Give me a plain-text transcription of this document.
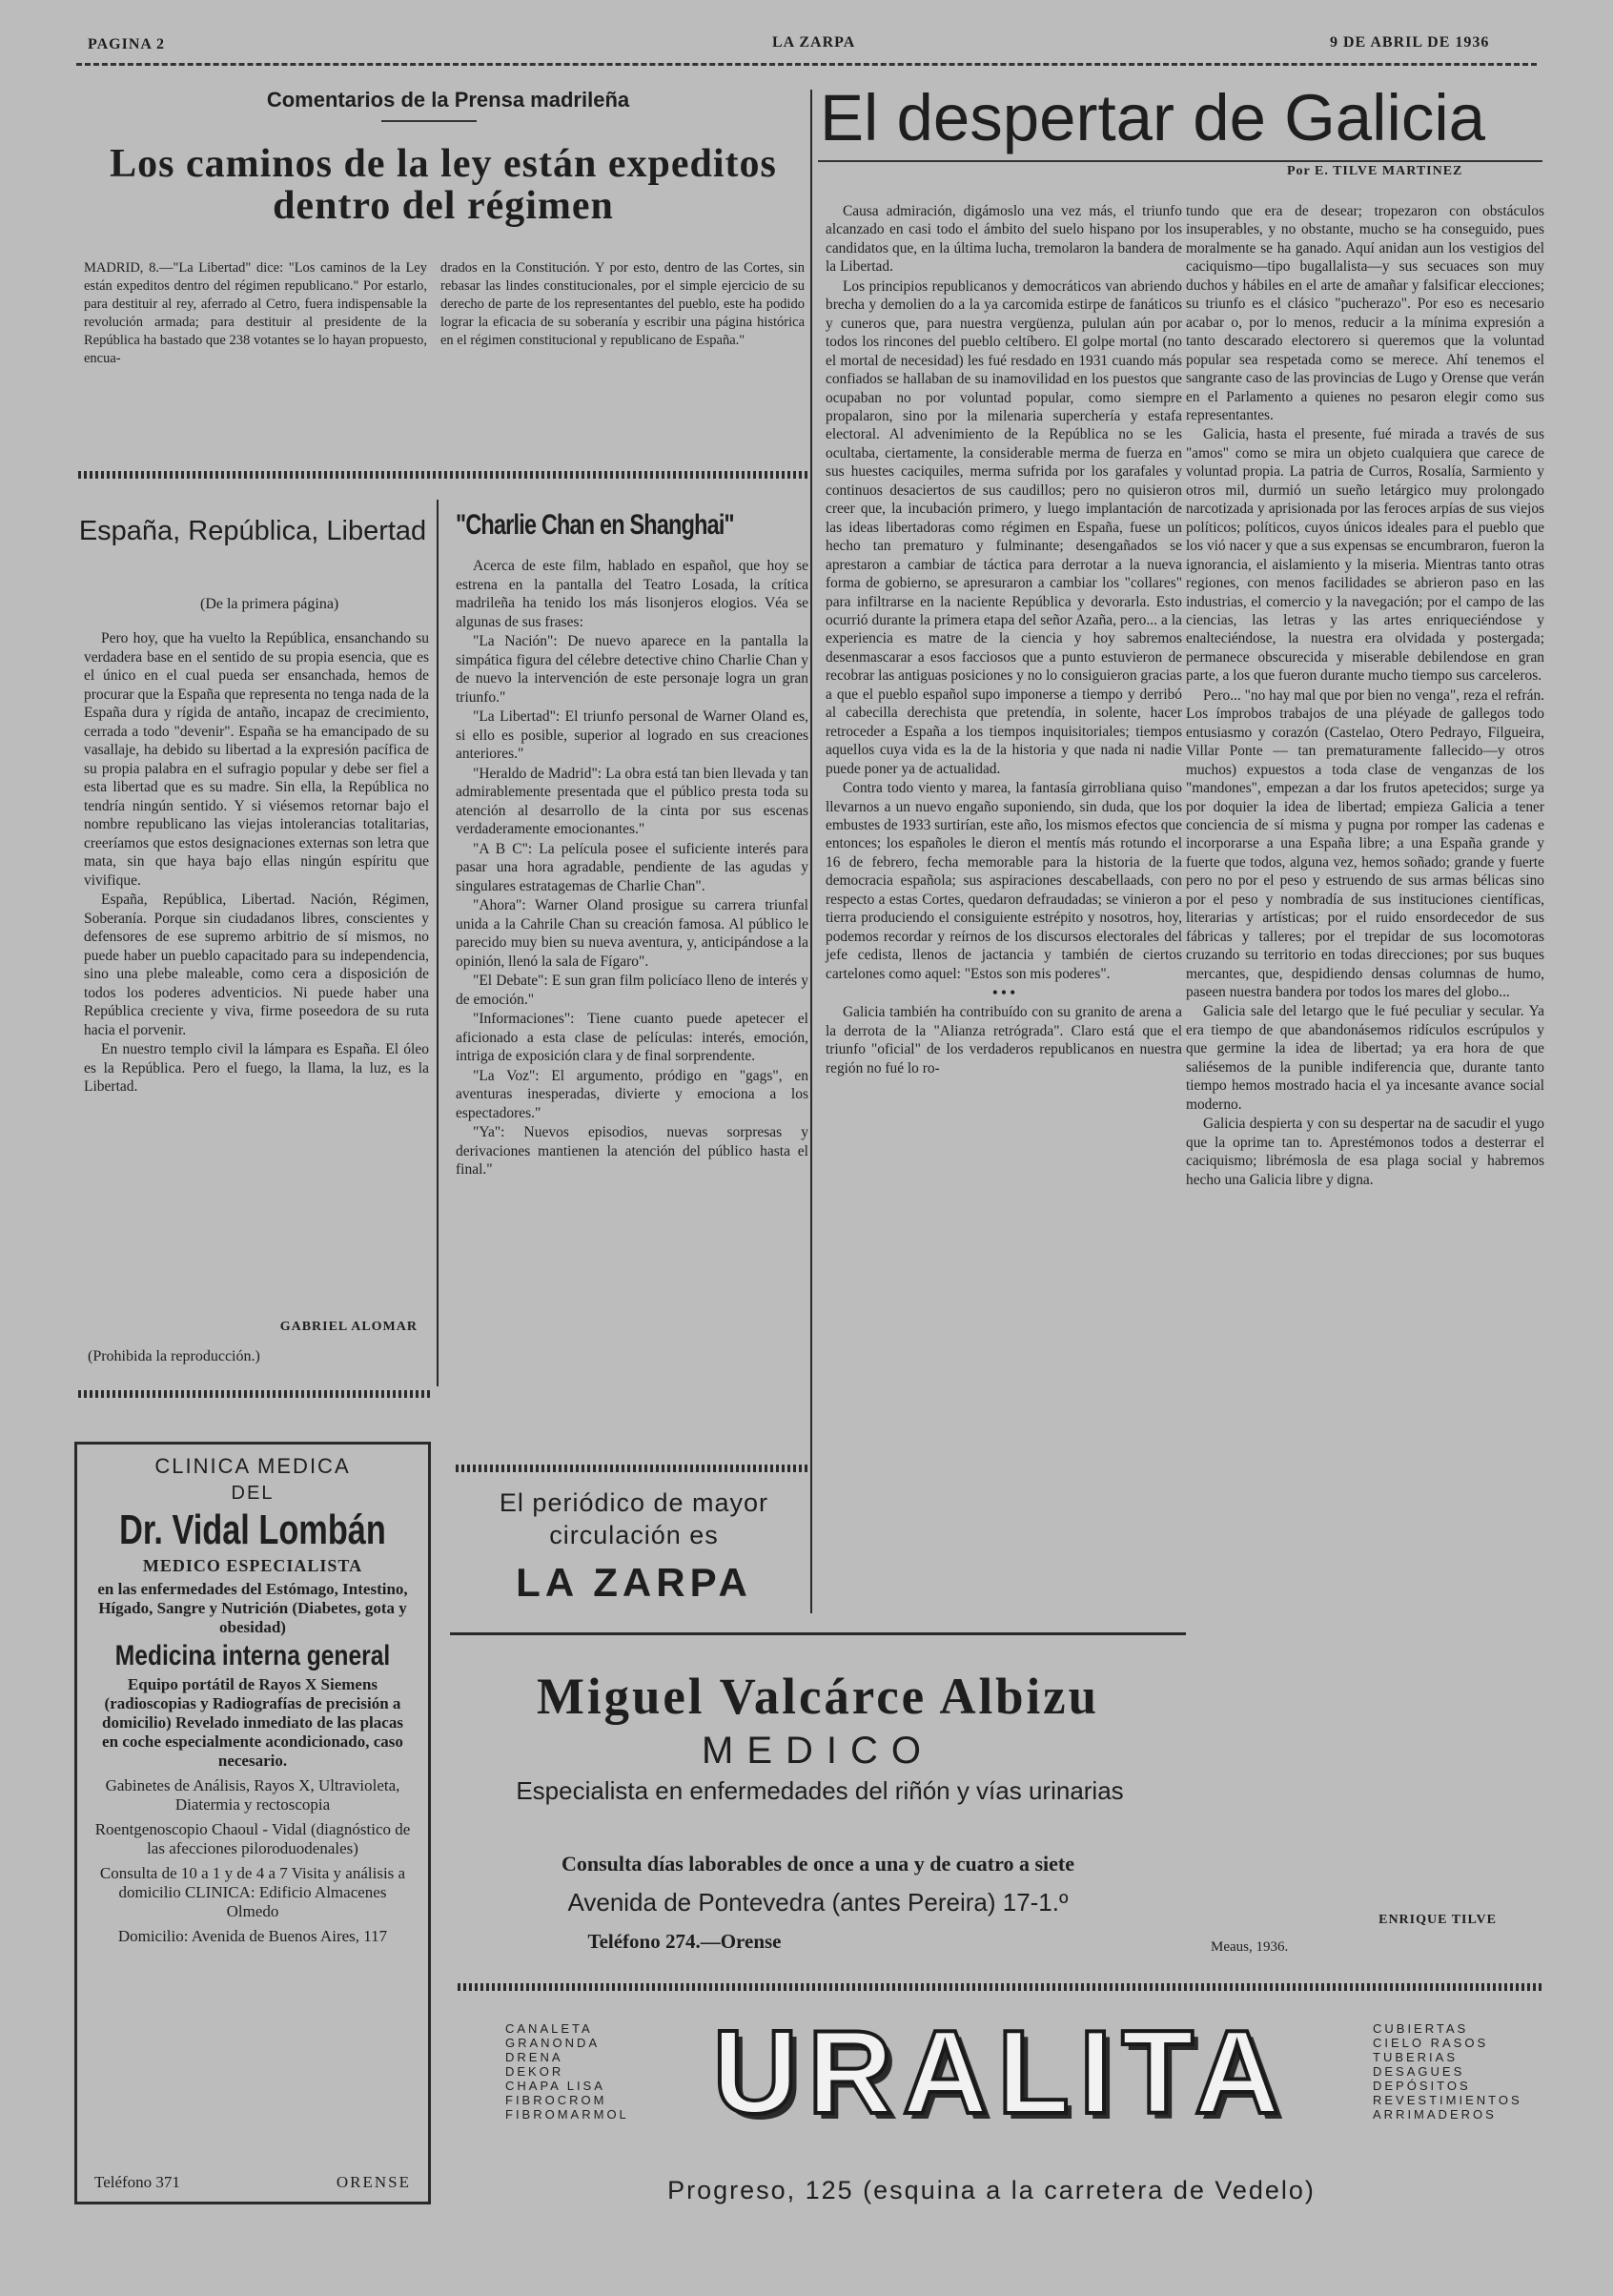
PAGINA 2	LA ZARPA	9 DE ABRIL DE 1936
Comentarios de la Prensa madrileña
Los caminos de la ley están expeditos dentro del régimen
MADRID, 8.—"La Libertad" dice: "Los caminos de la Ley están expeditos dentro del régimen republicano." Por estarlo, para destituir al rey, aferrado al Cetro, fuera indispensable la revolución armada; para destituir al presidente de la República ha bastado que 238 votantes se lo hayan propuesto, encua-
drados en la Constitución. Y por esto, dentro de las Cortes, sin rebasar las lindes constitucionales, por el simple ejercicio de su derecho de parte de los representantes del pueblo, este ha podido lograr la eficacia de su soberanía y escribir una página histórica en el régimen constitucional y republicano de España."
España, República, Libertad
(De la primera página)

Pero hoy, que ha vuelto la República, ensanchando su verdadera base en el sentido de su propia esencia, que es el único en el cual pueda ser ensanchada, hemos de procurar que la España que representa no tenga nada de la España dura y rígida de antaño, incapaz de crecimiento, cerrada a todo "devenir". España se ha emancipado de su vasallaje, ha debido su libertad a la expresión pacífica de su propia palabra en el sufragio popular y debe ser fiel a esta libertad que es su madre. Sin ella, la República no tendría ningún sentido. Y si viésemos retornar bajo el nombre republicano las viejas intolerancias totalitarias, creeríamos que estos designaciones externas son letra que mata, sin que haya bajo ellas ningún espíritu que vivifique.

España, República, Libertad. Nación, Régimen, Soberanía. Porque sin ciudadanos libres, conscientes y defensores de ese supremo arbitrio de sí mismos, no puede haber un pueblo capacitado para su independencia, sino una plebe maleable, como cera a disposición de todos los poderes adventicios. Ni puede haber una República creciente y viva, firme poseedora de su ruta hacia el porvenir.

En nuestro templo civil la lámpara es España. El óleo es la República. Pero el fuego, la llama, la luz, es la Libertad.

GABRIEL ALOMAR
(Prohibida la reproducción.)
"Charlie Chan en Shanghai"

Acerca de este film, hablado en español, que hoy se estrena en la pantalla del Teatro Losada, la crítica madrileña ha tenido los más lisonjeros elogios. Véa se algunas de sus frases:

"La Nación": De nuevo aparece en la pantalla la simpática figura del célebre detective chino Charlie Chan y de nuevo la intervención de este personaje logra un gran triunfo."

"La Libertad": El triunfo personal de Warner Oland es, si ello es posible, superior al logrado en sus creaciones anteriores."

"Heraldo de Madrid": La obra está tan bien llevada y tan admirablemente presentada que el público presta toda su atención al desarrollo de la cinta por sus escenas verdaderamente emocionantes."

"A B C": La película posee el suficiente interés para pasar una hora agradable, pendiente de las agudas y singulares estratagemas de Charlie Chan".

"Ahora": Warner Oland prosigue su carrera triunfal unida a la Cahrile Chan su creación famosa. Al público le parecido muy bien su nueva aventura, y, anticipándose a la opinión, llenó la sala de Fígaro".

"El Debate": E sun gran film policíaco lleno de interés y de emoción."

"Informaciones": Tiene cuanto puede apetecer el aficionado a esta clase de películas: interés, emoción, intriga de exposición clara y de final sorprendente.

"La Voz": El argumento, pródigo en "gags", en aventuras inesperadas, divierte y emociona a los espectadores."

"Ya": Nuevos episodios, nuevas sorpresas y derivaciones mantienen la atención del público hasta el final."

El periódico de mayor
circulación es
LA ZARPA
El despertar de Galicia
Por E. TILVE MARTINEZ

Causa admiración, digámoslo una vez más, el triunfo alcanzado en casi todo el ámbito del suelo hispano por los candidatos que, en la última lucha, tremolaron la bandera de la Libertad.

Los principios republicanos y democráticos van abriendo brecha y demolien do a la ya carcomida estirpe de fanáticos y cuneros que, para nuestra vergüenza, pululan aún por todos los rincones del pueblo celtíbero. El golpe mortal (no el mortal de necesidad) les fué resdado en 1931 cuando más confiados se hallaban de su inamovilidad en los puestos que ocupaban no por voluntad popular, como siempre propalaron, sino por la milenaria superchería y estafa electoral. Al advenimiento de la República no se les ocultaba, ciertamente, la considerable merma de fuerza en sus huestes caciquiles, merma sufrida por los garafales y continuos desaciertos de sus caudillos; pero no quisieron creer que, la incubación primero, y luego implantación de las ideas libertadoras como régimen en España, fuese un hecho tan prematuro y fulminante; desengañados se aprestaron a cambiar de táctica para derrotar a la nueva forma de gobierno, se apresuraron a cambiar los "collares" para infiltrarse en la naciente República y devorarla. Esto ocurrió durante la primera etapa del señor Azaña, pero... a la experiencia es matre de la ciencia y hoy sabremos desenmascarar a esos facciosos que a punto estuvieron de recobrar las antiguas posiciones y no lo consiguieron gracias a que el pueblo español supo imponerse a tiempo y derribó al cabecilla derechista que pretendía, in solente, hacer retroceder a España a los tiempos inquisitoriales; tiempos aquellos cuya vida es la de la historia y que nada ni nadie puede poner ya de actualidad.

Contra todo viento y marea, la fantasía girrobliana quiso llevarnos a un nuevo engaño suponiendo, sin duda, que los embustes de 1933 surtirían, este año, los mismos efectos que entonces; los españoles le dieron el mentís más rotundo el 16 de febrero, fecha memorable para la historia de la democracia española; sus aspiraciones descabellaads, con respecto a estas Cortes, quedaron defraudadas; se vinieron a tierra produciendo el consiguiente estrépito y nosotros, hoy, podemos recordar y reírnos de los discursos electorales del jefe cedista, llenos de jactancia y también de ciertos cartelones como aquel: "Estos son mis poderes".

• • •

Galicia también ha contribuído con su granito de arena a la derrota de la "Alianza retrógrada". Claro está que el triunfo "oficial" de los verdaderos republicanos en nuestra región no fué lo ro-

tundo que era de desear; tropezaron con obstáculos insuperables, y no obstante, mucho se ha conseguido, pues moralmente se ha ganado. Aquí anidan aun los vestigios del caciquismo—tipo bugallalista—y sus secuaces son muy duchos y hábiles en el arte de amañar y falsificar elecciones; su triunfo es el clásico "pucherazo". Por eso es necesario acabar o, por lo menos, reducir a la mínima expresión a tanto descarado electorero si queremos que la voluntad popular sea respetada como se merece. Ahí tenemos el sangrante caso de las provincias de Lugo y Orense que verán en el Parlamento a quienes no pesaron elegir como sus representantes.

Galicia, hasta el presente, fué mirada a través de sus "amos" como se mira un objeto cualquiera que carece de voluntad propia. La patria de Curros, Rosalía, Sarmiento y otros mil, durmió un sueño letárgico muy prolongado narcotizada y aprisionada por las feroces arpías de sus viejos políticos; políticos, cuyos únicos ideales para el pueblo que los vió nacer y que a sus expensas se encumbraron, fueron la ignorancia, el aislamiento y la miseria. Mientras tanto otras regiones, con menos facilidades se abrieron paso en las industrias, el comercio y la navegación; por el campo de las ciencias, las letras y las artes enriqueciéndose y enalteciéndose, la nuestra era olvidada y postergada; permanece obscurecida y miserable debilendose en gran parte, a los que fueron durante mucho tiempo sus carceleros.

Pero... "no hay mal que por bien no venga", reza el refrán. Los ímprobos trabajos de una pléyade de gallegos todo entusiasmo y corazón (Castelao, Otero Pedrayo, Filgueira, Villar Ponte — tan prematuramente fallecido—y otros muchos) expuestos a toda clase de venganzas de los "mandones", empezan a dar los frutos apetecidos; surge ya por doquier la idea de libertad; empieza Galicia a tener conciencia de sí misma y pugna por romper las cadenas e incorporarse a una España libre; a una España grande y fuerte que todos, alguna vez, hemos soñado; grande y fuerte pero no por el peso y estruendo de sus armas bélicas sino por el peso y nombradía de sus instituciones científicas, literarias y artísticas; por el ruido ensordecedor de sus fábricas y talleres; por el trepidar de sus locomotoras cruzando su territorio en todas direcciones; por sus buques mercantes, que, despidiendo densas columnas de humo, paseen nuestra bandera por todos los mares del globo...

Galicia sale del letargo que le fué peculiar y secular. Ya era tiempo de que abandonásemos ridículos escrúpulos y que germine la idea de libertad; ya era hora de que saliésemos de la punible indiferencia que, durante tanto tiempo hemos mostrado hacia el ya incesante avance social moderno.

Galicia despierta y con su despertar na de sacudir el yugo que la oprime tan to. Aprestémonos todos a desterrar el caciquismo; librémosla de esa plaga social y habremos hecho una Galicia libre y digna.

ENRIQUE TILVE
Meaus, 1936.
Miguel Valcárce Albizu
MEDICO
Especialista en enfermedades del riñón y vías urinarias
Consulta días laborables de once a una y de cuatro a siete
Avenida de Pontevedra (antes Pereira) 17-1.º
Teléfono 274.—Orense
CLINICA MEDICA
DEL
Dr. Vidal Lombán
MEDICO ESPECIALISTA
en las enfermedades del Estómago, Intestino, Hígado, Sangre y Nutrición (Diabetes, gota y obesidad)
Medicina interna general
Equipo portátil de Rayos X Siemens (radioscopias y Radiografías de precisión a domicilio) Revelado inmediato de las placas en coche especialmente acondicionado, caso necesario.
Gabinetes de Análisis, Rayos X, Ultravioleta, Diatermia y rectoscopia
Roentgenoscopio Chaoul - Vidal (diagnóstico de las afecciones piloroduodenales)
Consulta de 10 a 1 y de 4 a 7 Visita y análisis a domicilio CLINICA: Edificio Almacenes Olmedo
Domicilio: Avenida de Buenos Aires, 117
Teléfono 371	ORENSE
CANALETA
GRANONDA
DRENA
DEKOR
CHAPA LISA
FIBROCROM
FIBROMARMOL URALITA	CUBIERTAS
CIELO RASOS
TUBERIAS
DESAGUES
DEPÓSITOS
REVESTIMIENTOS
ARRIMADEROS
Progreso, 125 (esquina a la carretera de Vedelo)
